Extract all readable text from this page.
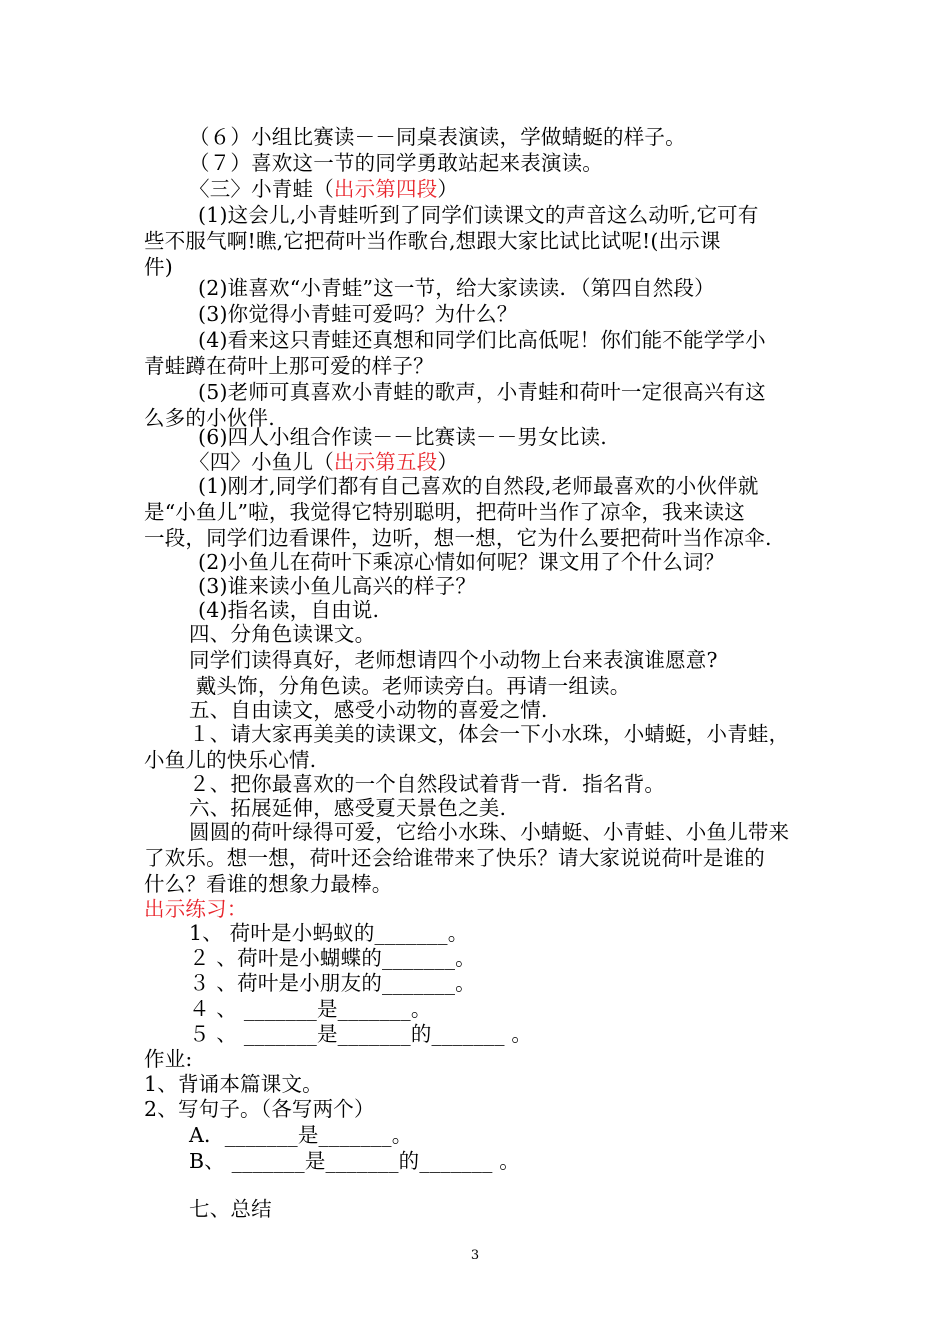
（６）小组比赛读－－同桌表演读，学做蜻蜓的样子。
（７）喜欢这一节的同学勇敢站起来表演读。
〈三〉小青蛙（出示第四段）
(1)这会儿,小青蛙听到了同学们读课文的声音这么动听,它可有
些不服气啊!瞧,它把荷叶当作歌台,想跟大家比试比试呢!(出示课
件)
(2)谁喜欢“小青蛙”这一节，给大家读读．（第四自然段）
(3)你觉得小青蛙可爱吗？为什么？
(4)看来这只青蛙还真想和同学们比高低呢！你们能不能学学小
青蛙蹲在荷叶上那可爱的样子？
(5)老师可真喜欢小青蛙的歌声，小青蛙和荷叶一定很高兴有这
么多的小伙伴.
(6)四人小组合作读－－比赛读－－男女比读.
〈四〉小鱼儿（出示第五段）
(1)刚才,同学们都有自己喜欢的自然段,老师最喜欢的小伙伴就
是“小鱼儿”啦，我觉得它特别聪明，把荷叶当作了凉伞，我来读这
一段，同学们边看课件，边听，想一想，它为什么要把荷叶当作凉伞.
(2)小鱼儿在荷叶下乘凉心情如何呢？课文用了个什么词？
(3)谁来读小鱼儿高兴的样子？
(4)指名读，自由说.
四、分角色读课文。
同学们读得真好，老师想请四个小动物上台来表演谁愿意?
戴头饰，分角色读。老师读旁白。再请一组读。
五、自由读文，感受小动物的喜爱之情.
１、请大家再美美的读课文，体会一下小水珠，小蜻蜓，小青蛙，
小鱼儿的快乐心情.
２、把你最喜欢的一个自然段试着背一背．指名背。
六、拓展延伸，感受夏天景色之美.
圆圆的荷叶绿得可爱，它给小水珠、小蜻蜓、小青蛙、小鱼儿带来
了欢乐。想一想，荷叶还会给谁带来了快乐？请大家说说荷叶是谁的
什么？看谁的想象力最棒。
出示练习：
1、 荷叶是小蚂蚁的_______。
２ 、荷叶是小蝴蝶的_______。
３ 、荷叶是小朋友的_______。
４ 、 _______是_______。
５ 、 _______是_______的_______ 。
作业:
1、背诵本篇课文。
2、写句子。（各写两个）
A．_______是_______。
B、 _______是_______的_______ 。
七、总结
3
